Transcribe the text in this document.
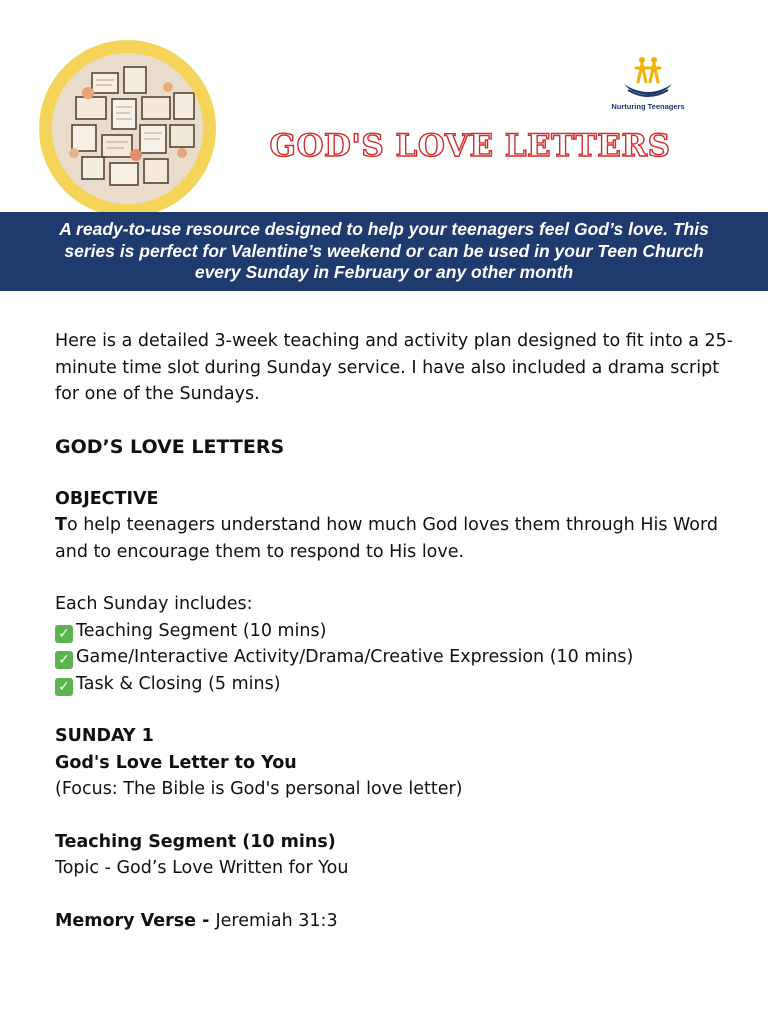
Nurturing Teenagers
GOD'S LOVE LETTERS

A ready-to-use resource designed to help your teenagers feel God’s love. This series is perfect for Valentine’s weekend or can be used in your Teen Church every Sunday in February or any other month

Here is a detailed 3-week teaching and activity plan designed to fit into a 25-minute time slot during Sunday service. I have also included a drama script for one of the Sundays.

GOD’S LOVE LETTERS

OBJECTIVE

To help teenagers understand how much God loves them through His Word and to encourage them to respond to His love.

Each Sunday includes:

✓ Teaching Segment (10 mins)

✓ Game/Interactive Activity/Drama/Creative Expression (10 mins)

✓ Task & Closing (5 mins)

SUNDAY 1

God's Love Letter to You

(Focus: The Bible is God's personal love letter)

Teaching Segment (10 mins)

Topic - God’s Love Written for You

Memory Verse - Jeremiah 31:3
